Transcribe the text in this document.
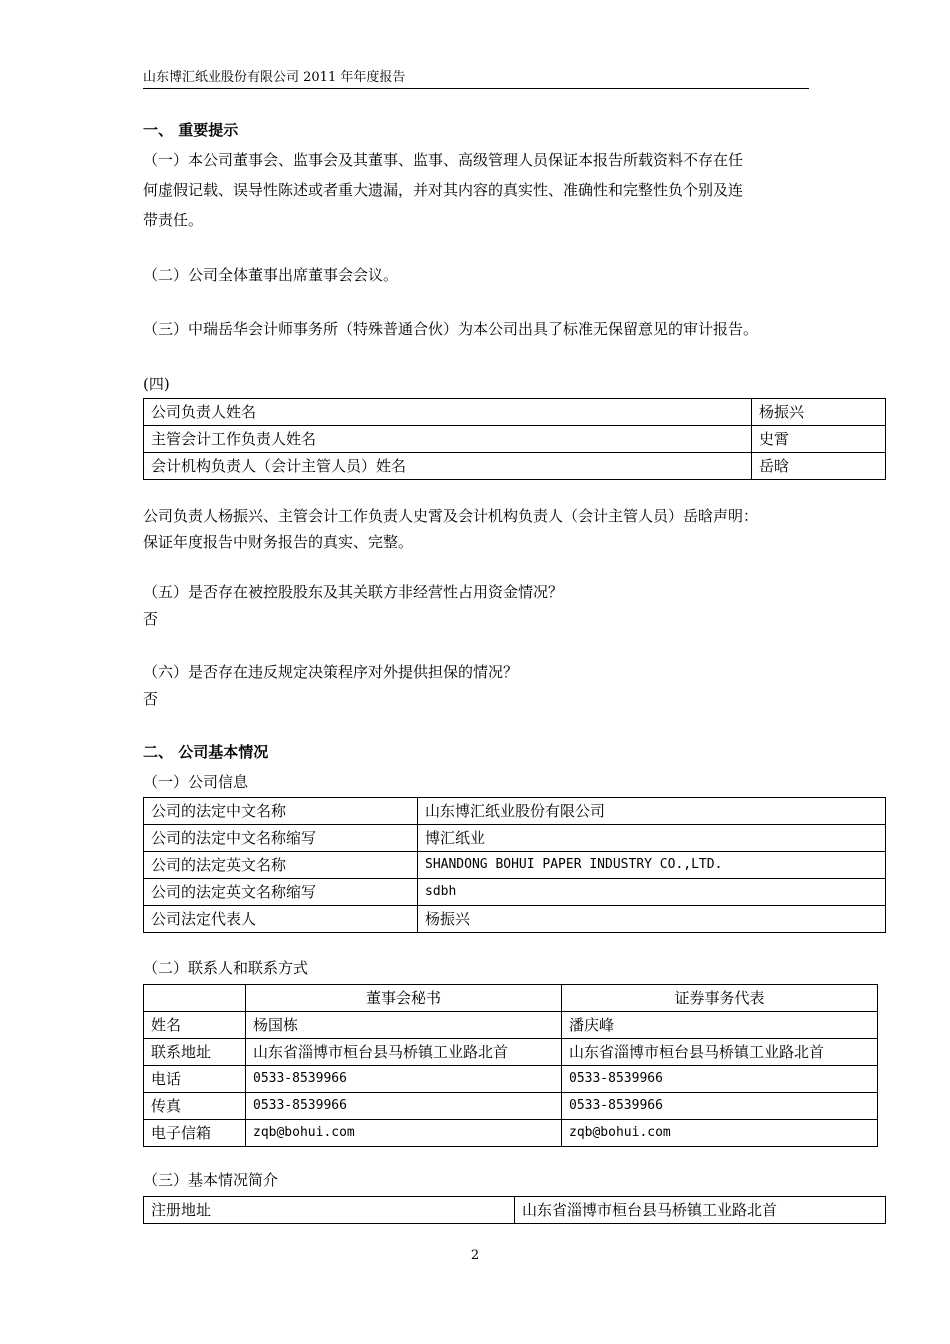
山东博汇纸业股份有限公司 2011 年年度报告
一、 重要提示
（一）本公司董事会、监事会及其董事、监事、高级管理人员保证本报告所载资料不存在任
何虚假记载、误导性陈述或者重大遗漏，并对其内容的真实性、准确性和完整性负个别及连
带责任。
（二）公司全体董事出席董事会会议。
（三）中瑞岳华会计师事务所（特殊普通合伙）为本公司出具了标准无保留意见的审计报告。
(四)
公司负责人姓名	杨振兴
主管会计工作负责人姓名	史霄
会计机构负责人（会计主管人员）姓名	岳晗
公司负责人杨振兴、主管会计工作负责人史霄及会计机构负责人（会计主管人员）岳晗声明：
保证年度报告中财务报告的真实、完整。
（五）是否存在被控股股东及其关联方非经营性占用资金情况？
否
（六）是否存在违反规定决策程序对外提供担保的情况？
否
二、 公司基本情况
（一）公司信息
公司的法定中文名称	山东博汇纸业股份有限公司
公司的法定中文名称缩写	博汇纸业
公司的法定英文名称	SHANDONG BOHUI PAPER INDUSTRY CO.,LTD.
公司的法定英文名称缩写	sdbh
公司法定代表人	杨振兴
（二）联系人和联系方式
	董事会秘书	证券事务代表
姓名	杨国栋	潘庆峰
联系地址	山东省淄博市桓台县马桥镇工业路北首	山东省淄博市桓台县马桥镇工业路北首
电话	0533-8539966	0533-8539966
传真	0533-8539966	0533-8539966
电子信箱	zqb@bohui.com	zqb@bohui.com
（三）基本情况简介
注册地址	山东省淄博市桓台县马桥镇工业路北首
2
